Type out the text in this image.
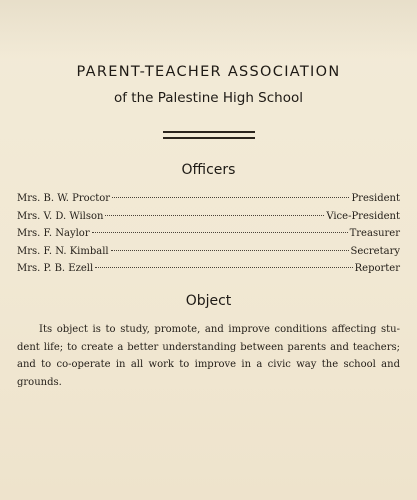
PARENT-TEACHER ASSOCIATION
of the Palestine High School
Officers
Mrs. B. W. Proctor	President
Mrs. V. D. Wilson	Vice-President
Mrs. F. Naylor	Treasurer
Mrs. F. N. Kimball	Secretary
Mrs. P. B. Ezell	Reporter
Object
Its object is to study, promote, and improve conditions affecting stu-
dent life; to create a better understanding between parents and teachers;
and to co-operate in all work to improve in a civic way the school and
grounds.
